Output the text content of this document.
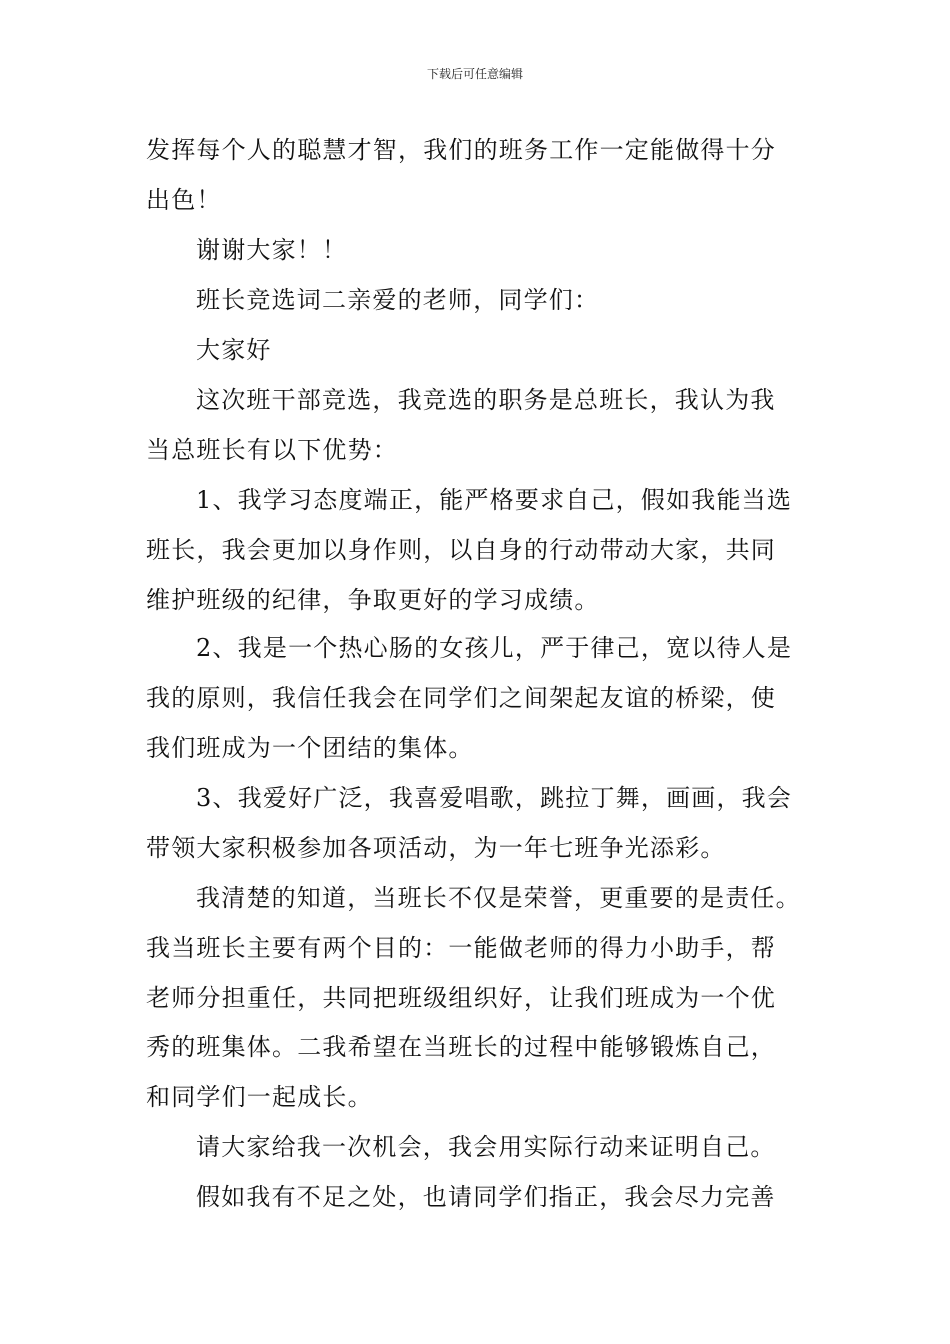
下载后可任意编辑
发挥每个人的聪慧才智，我们的班务工作一定能做得十分
出色！
谢谢大家！！
班长竞选词二亲爱的老师，同学们：
大家好
这次班干部竞选，我竞选的职务是总班长，我认为我
当总班长有以下优势：
1、我学习态度端正，能严格要求自己，假如我能当选
班长，我会更加以身作则，以自身的行动带动大家，共同
维护班级的纪律，争取更好的学习成绩。
2、我是一个热心肠的女孩儿，严于律己，宽以待人是
我的原则，我信任我会在同学们之间架起友谊的桥梁，使
我们班成为一个团结的集体。
3、我爱好广泛，我喜爱唱歌，跳拉丁舞，画画，我会
带领大家积极参加各项活动，为一年七班争光添彩。
我清楚的知道，当班长不仅是荣誉，更重要的是责任。
我当班长主要有两个目的：一能做老师的得力小助手，帮
老师分担重任，共同把班级组织好，让我们班成为一个优
秀的班集体。二我希望在当班长的过程中能够锻炼自己，
和同学们一起成长。
请大家给我一次机会，我会用实际行动来证明自己。
假如我有不足之处，也请同学们指正，我会尽力完善
